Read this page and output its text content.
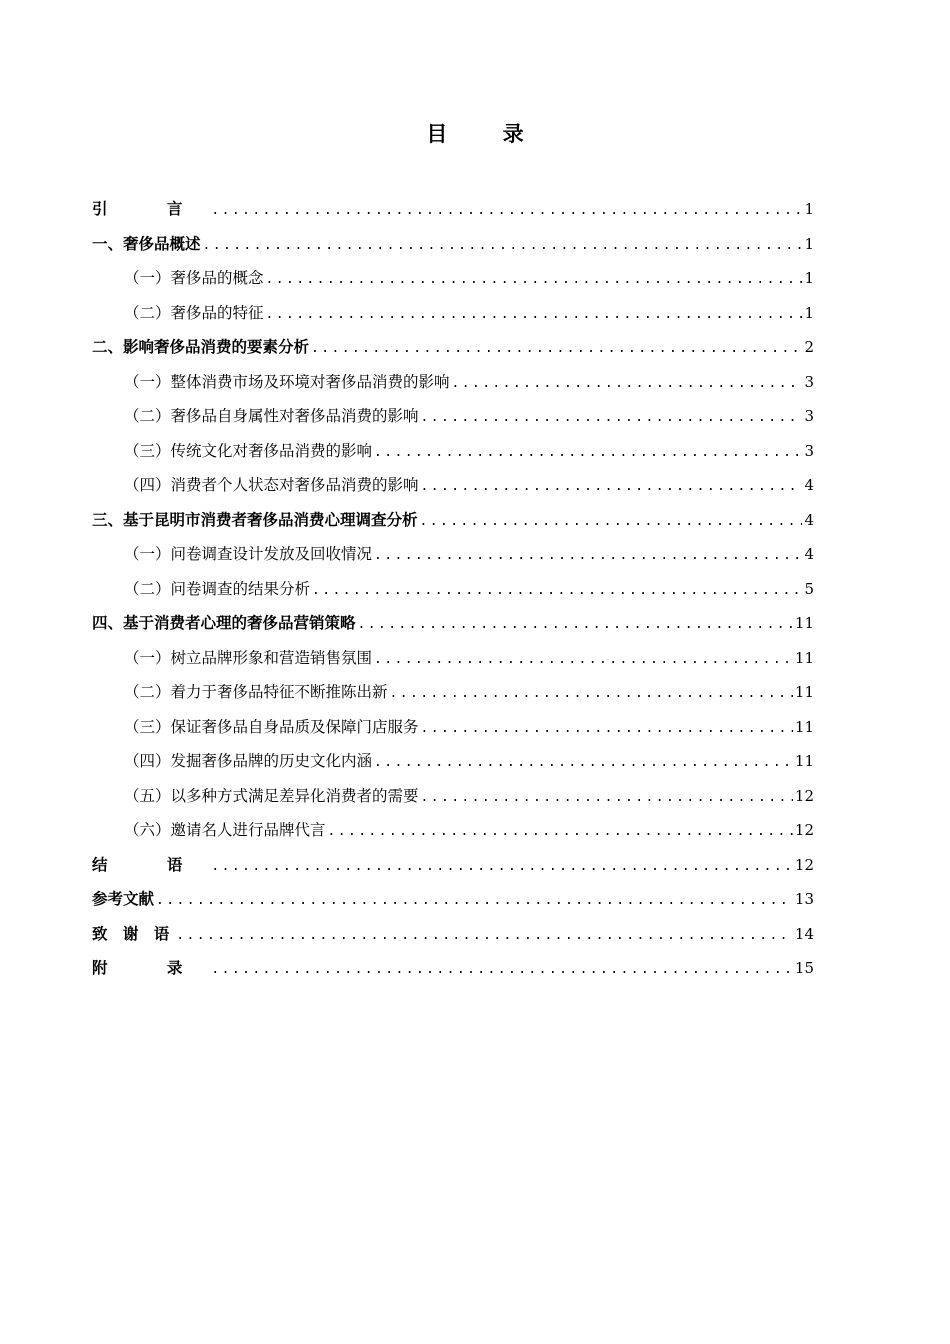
目 录
引 言 .....	1
一、奢侈品概述 .....	1
（一）奢侈品的概念 .....	1
（二）奢侈品的特征 .....	1
二、影响奢侈品消费的要素分析 .....	2
（一）整体消费市场及环境对奢侈品消费的影响 .....	3
（二）奢侈品自身属性对奢侈品消费的影响 .....	3
（三）传统文化对奢侈品消费的影响 .....	3
（四）消费者个人状态对奢侈品消费的影响 .....	4
三、基于昆明市消费者奢侈品消费心理调查分析 .....	4
（一）问卷调查设计发放及回收情况 .....	4
（二）问卷调查的结果分析 .....	5
四、基于消费者心理的奢侈品营销策略 .....	11
（一）树立品牌形象和营造销售氛围 .....	11
（二）着力于奢侈品特征不断推陈出新 .....	11
（三）保证奢侈品自身品质及保障门店服务 .....	11
（四）发掘奢侈品牌的历史文化内涵 .....	11
（五）以多种方式满足差异化消费者的需要 .....	12
（六）邀请名人进行品牌代言 .....	12
结 语 .....	12
参考文献 .....	13
致 谢 语 .....	14
附 录 .....	15
